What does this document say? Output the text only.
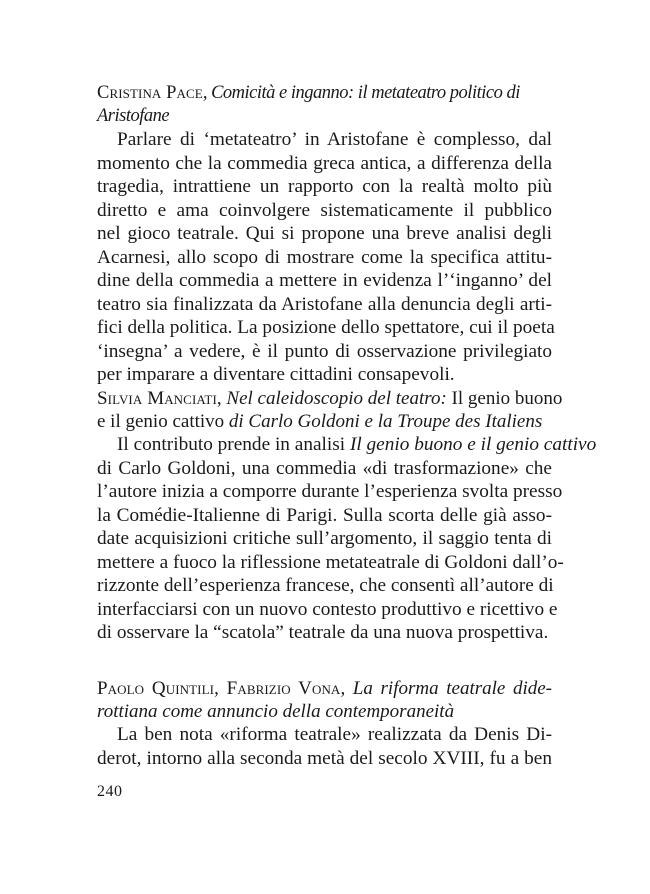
Cristina Pace, Comicità e inganno: il metateatro politico di Aristofane

Parlare di ‘metateatro’ in Aristofane è complesso, dal
momento che la commedia greca antica, a differenza della
tragedia, intrattiene un rapporto con la realtà molto più
diretto e ama coinvolgere sistematicamente il pubblico
nel gioco teatrale. Qui si propone una breve analisi degli
Acarnesi, allo scopo di mostrare come la specifica attitu-
dine della commedia a mettere in evidenza l’‘inganno’ del
teatro sia finalizzata da Aristofane alla denuncia degli arti-
fici della politica. La posizione dello spettatore, cui il poeta
‘insegna’ a vedere, è il punto di osservazione privilegiato
per imparare a diventare cittadini consapevoli.

Silvia Manciati, Nel caleidoscopio del teatro: Il genio buono
e il genio cattivo di Carlo Goldoni e la Troupe des Italiens

Il contributo prende in analisi Il genio buono e il genio cattivo
di Carlo Goldoni, una commedia «di trasformazione» che
l’autore inizia a comporre durante l’esperienza svolta presso
la Comédie-Italienne di Parigi. Sulla scorta delle già asso-
date acquisizioni critiche sull’argomento, il saggio tenta di
mettere a fuoco la riflessione metateatrale di Goldoni dall’o-
rizzonte dell’esperienza francese, che consentì all’autore di
interfacciarsi con un nuovo contesto produttivo e ricettivo e
di osservare la “scatola” teatrale da una nuova prospettiva.

Paolo Quintili, Fabrizio Vona, La riforma teatrale dide-
rottiana come annuncio della contemporaneità

La ben nota «riforma teatrale» realizzata da Denis Di-
derot, intorno alla seconda metà del secolo XVIII, fu a ben
240
